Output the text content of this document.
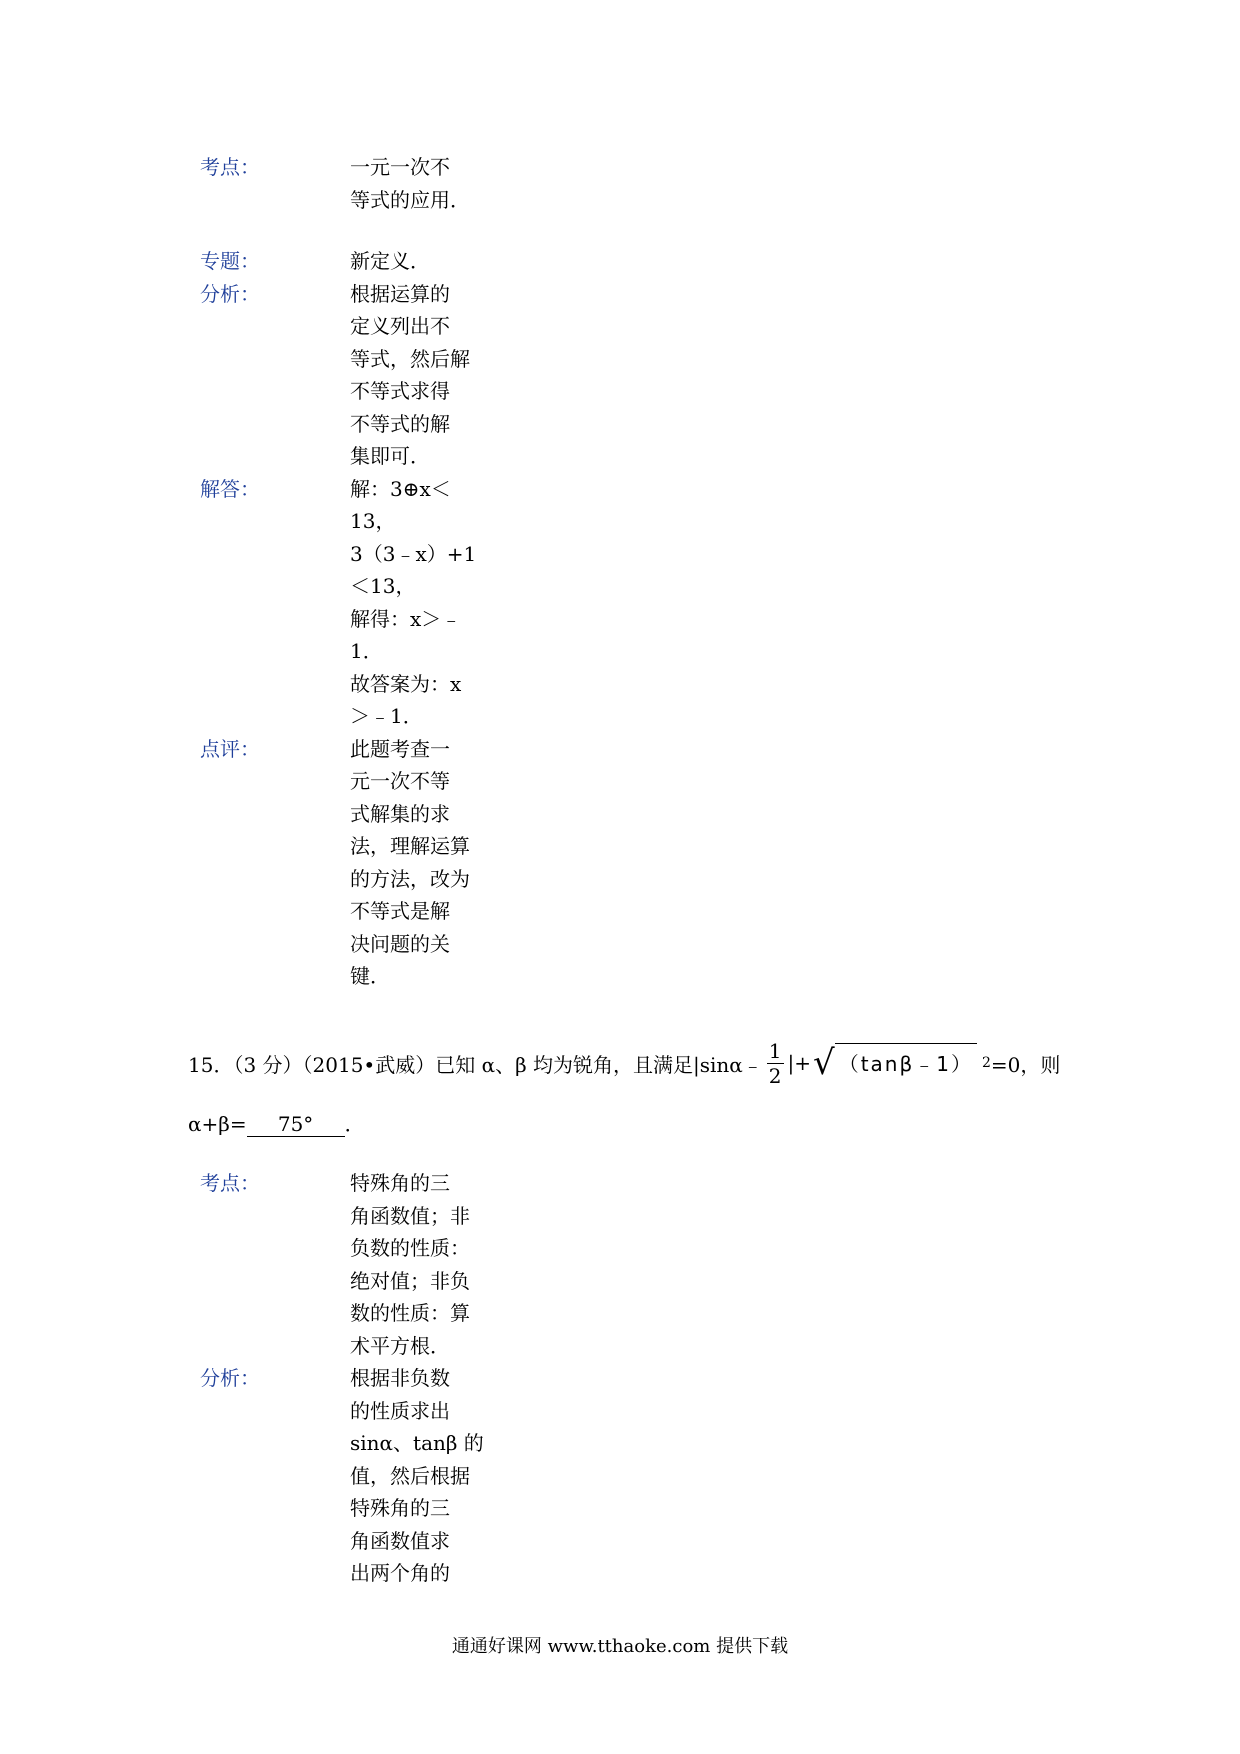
考点：	一元一次不
等式的应用．
专题：	新定义．
分析：	根据运算的
定义列出不
等式，然后解
不等式求得
不等式的解
集即可．
解答：	解：3⊕x＜
13，
3（3﹣x）+1
＜13，
解得：x＞﹣
1．
故答案为：x
＞﹣1．
点评：	此题考查一
元一次不等
式解集的求
法，理解运算
的方法，改为
不等式是解
决问题的关
键．
15．（3 分）（2015•武威）已知 α、β 均为锐角，且满足|sinα﹣ $\frac{1}{2}$ |+ √ （tanβ﹣1） 2 =0，则
α+β= 75° ．
考点：	特殊角的三
角函数值；非
负数的性质：
绝对值；非负
数的性质：算
术平方根．
分析：	根据非负数
的性质求出
sinα、tanβ 的
值，然后根据
特殊角的三
角函数值求
出两个角的
通通好课网 www.tthaoke.com 提供下载
